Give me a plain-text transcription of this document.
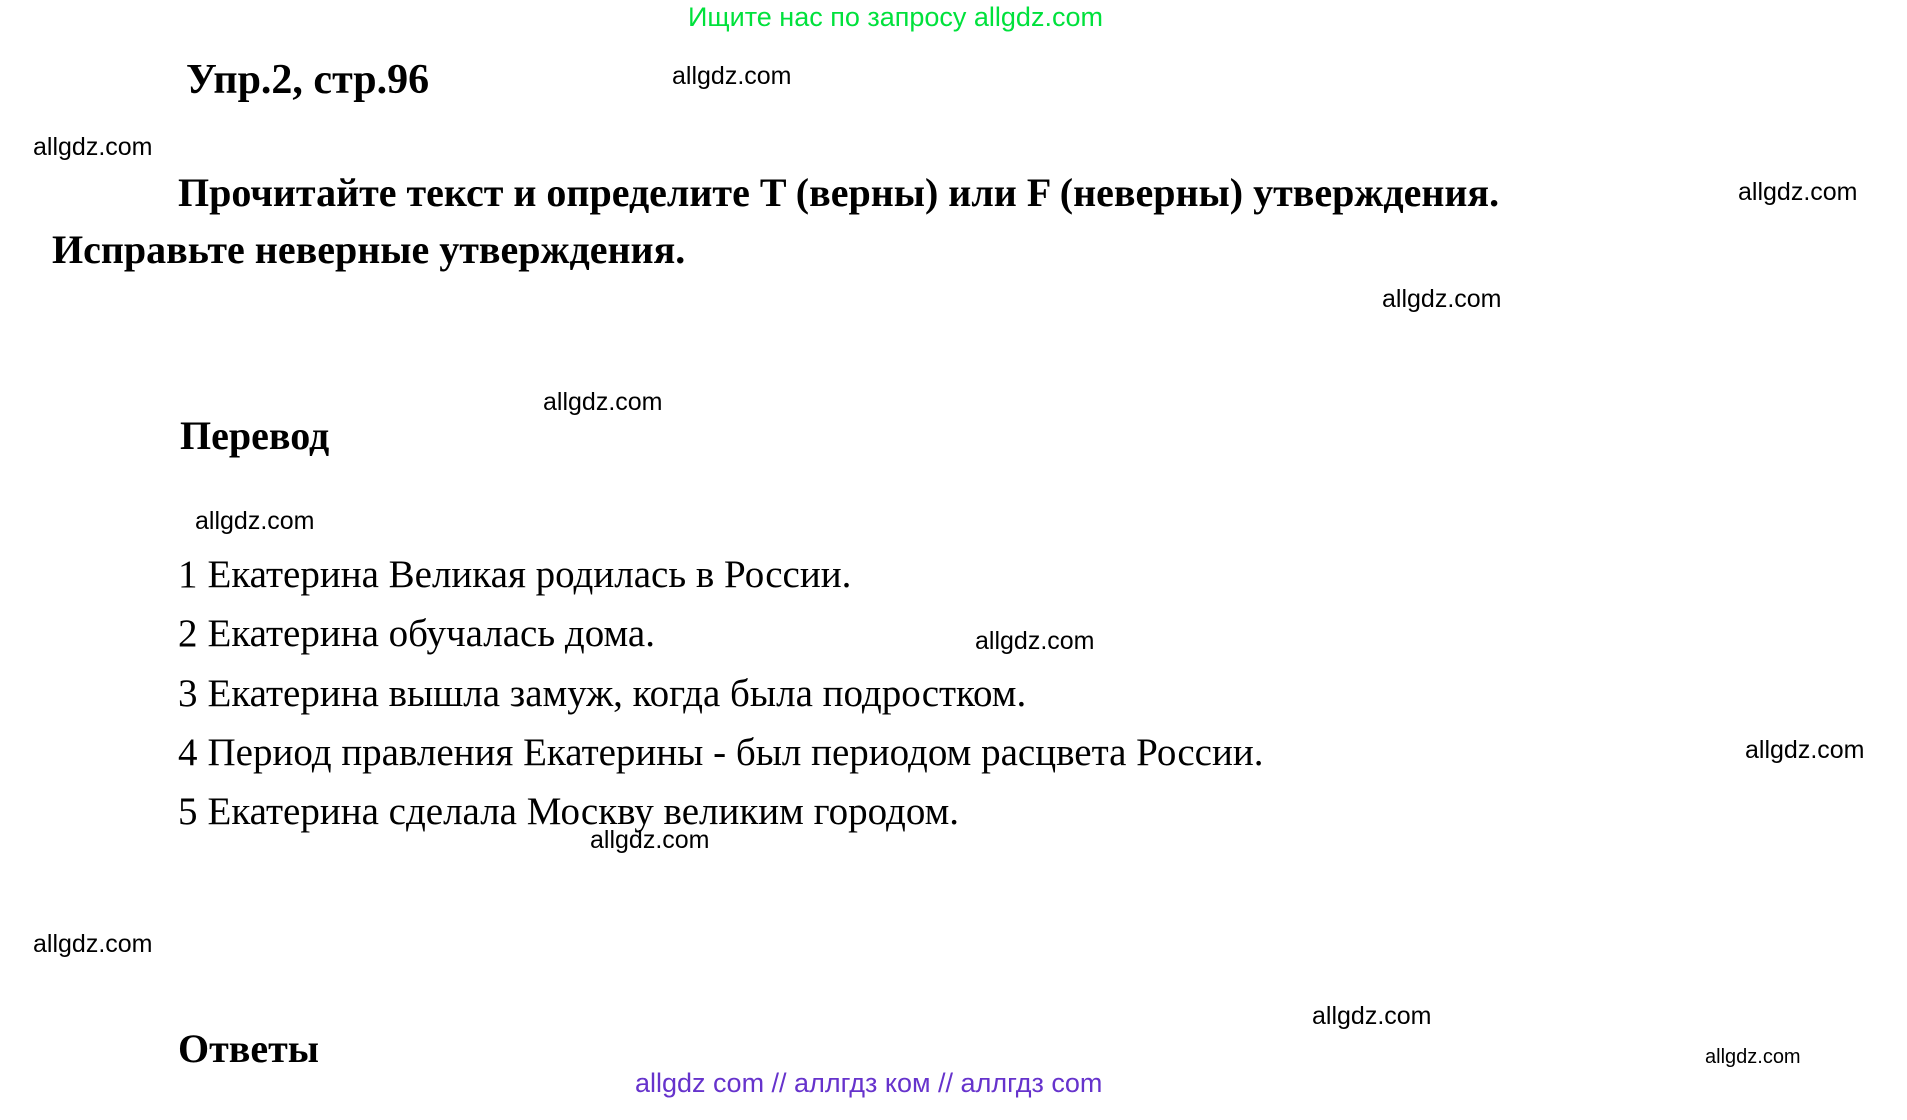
Ищите нас по запросу allgdz.com
Упр.2, стр.96
Прочитайте текст и определите T (верны) или F (неверны) утверждения. Исправьте неверные утверждения.
Перевод
1 Екатерина Великая родилась в России.
2 Екатерина обучалась дома.
3 Екатерина вышла замуж, когда была подростком.
4 Период правления Екатерины - был периодом расцвета России.
5 Екатерина сделала Москву великим городом.
Ответы
allgdz.com
allgdz.com
allgdz.com
allgdz.com
allgdz.com
allgdz.com
allgdz.com
allgdz.com
allgdz.com
allgdz.com
allgdz.com
allgdz.com
allgdz com // аллгдз ком // аллгдз com
